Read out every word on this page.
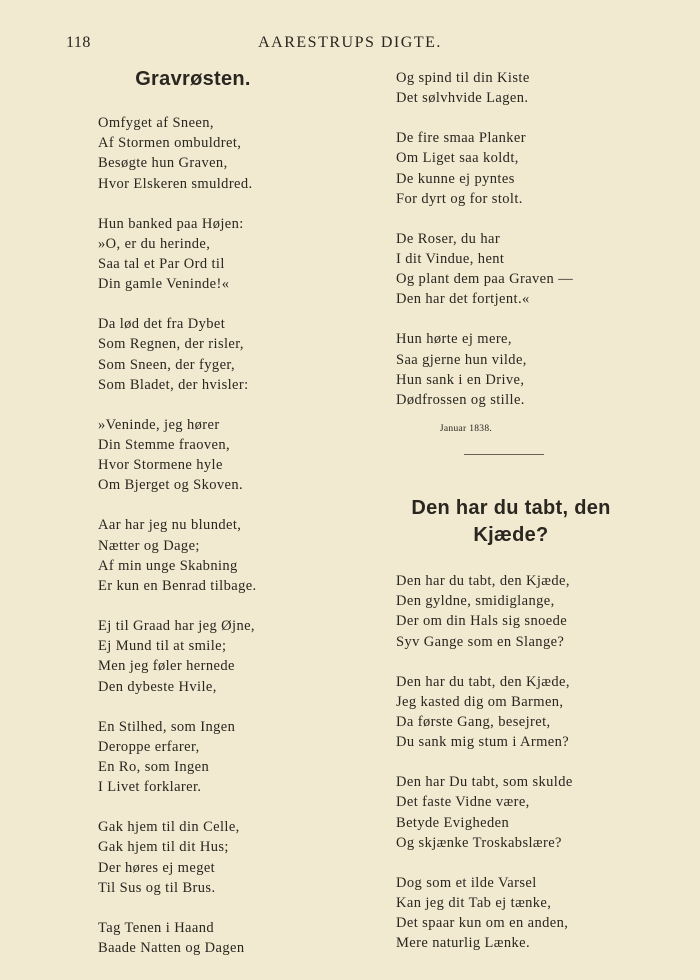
118	AARESTRUPS DIGTE.
Gravrøsten.
Omfyget af Sneen,
Af Stormen ombuldret,
Besøgte hun Graven,
Hvor Elskeren smuldred.
Hun banked paa Højen:
»O, er du herinde,
Saa tal et Par Ord til
Din gamle Veninde!«
Da lød det fra Dybet
Som Regnen, der risler,
Som Sneen, der fyger,
Som Bladet, der hvisler:
»Veninde, jeg hører
Din Stemme fraoven,
Hvor Stormene hyle
Om Bjerget og Skoven.
Aar har jeg nu blundet,
Nætter og Dage;
Af min unge Skabning
Er kun en Benrad tilbage.
Ej til Graad har jeg Øjne,
Ej Mund til at smile;
Men jeg føler hernede
Den dybeste Hvile,
En Stilhed, som Ingen
Deroppe erfarer,
En Ro, som Ingen
I Livet forklarer.
Gak hjem til din Celle,
Gak hjem til dit Hus;
Der høres ej meget
Til Sus og til Brus.
Tag Tenen i Haand
Baade Natten og Dagen
Og spind til din Kiste
Det sølvhvide Lagen.
De fire smaa Planker
Om Liget saa koldt,
De kunne ej pyntes
For dyrt og for stolt.
De Roser, du har
I dit Vindue, hent
Og plant dem paa Graven —
Den har det fortjent.«
Hun hørte ej mere,
Saa gjerne hun vilde,
Hun sank i en Drive,
Dødfrossen og stille.
Januar 1838.
Den har du tabt, den Kjæde?
Den har du tabt, den Kjæde,
Den gyldne, smidiglange,
Der om din Hals sig snoede
Syv Gange som en Slange?
Den har du tabt, den Kjæde,
Jeg kasted dig om Barmen,
Da første Gang, besejret,
Du sank mig stum i Armen?
Den har Du tabt, som skulde
Det faste Vidne være,
Betyde Evigheden
Og skjænke Troskabslære?
Dog som et ilde Varsel
Kan jeg dit Tab ej tænke,
Det spaar kun om en anden,
Mere naturlig Lænke.
